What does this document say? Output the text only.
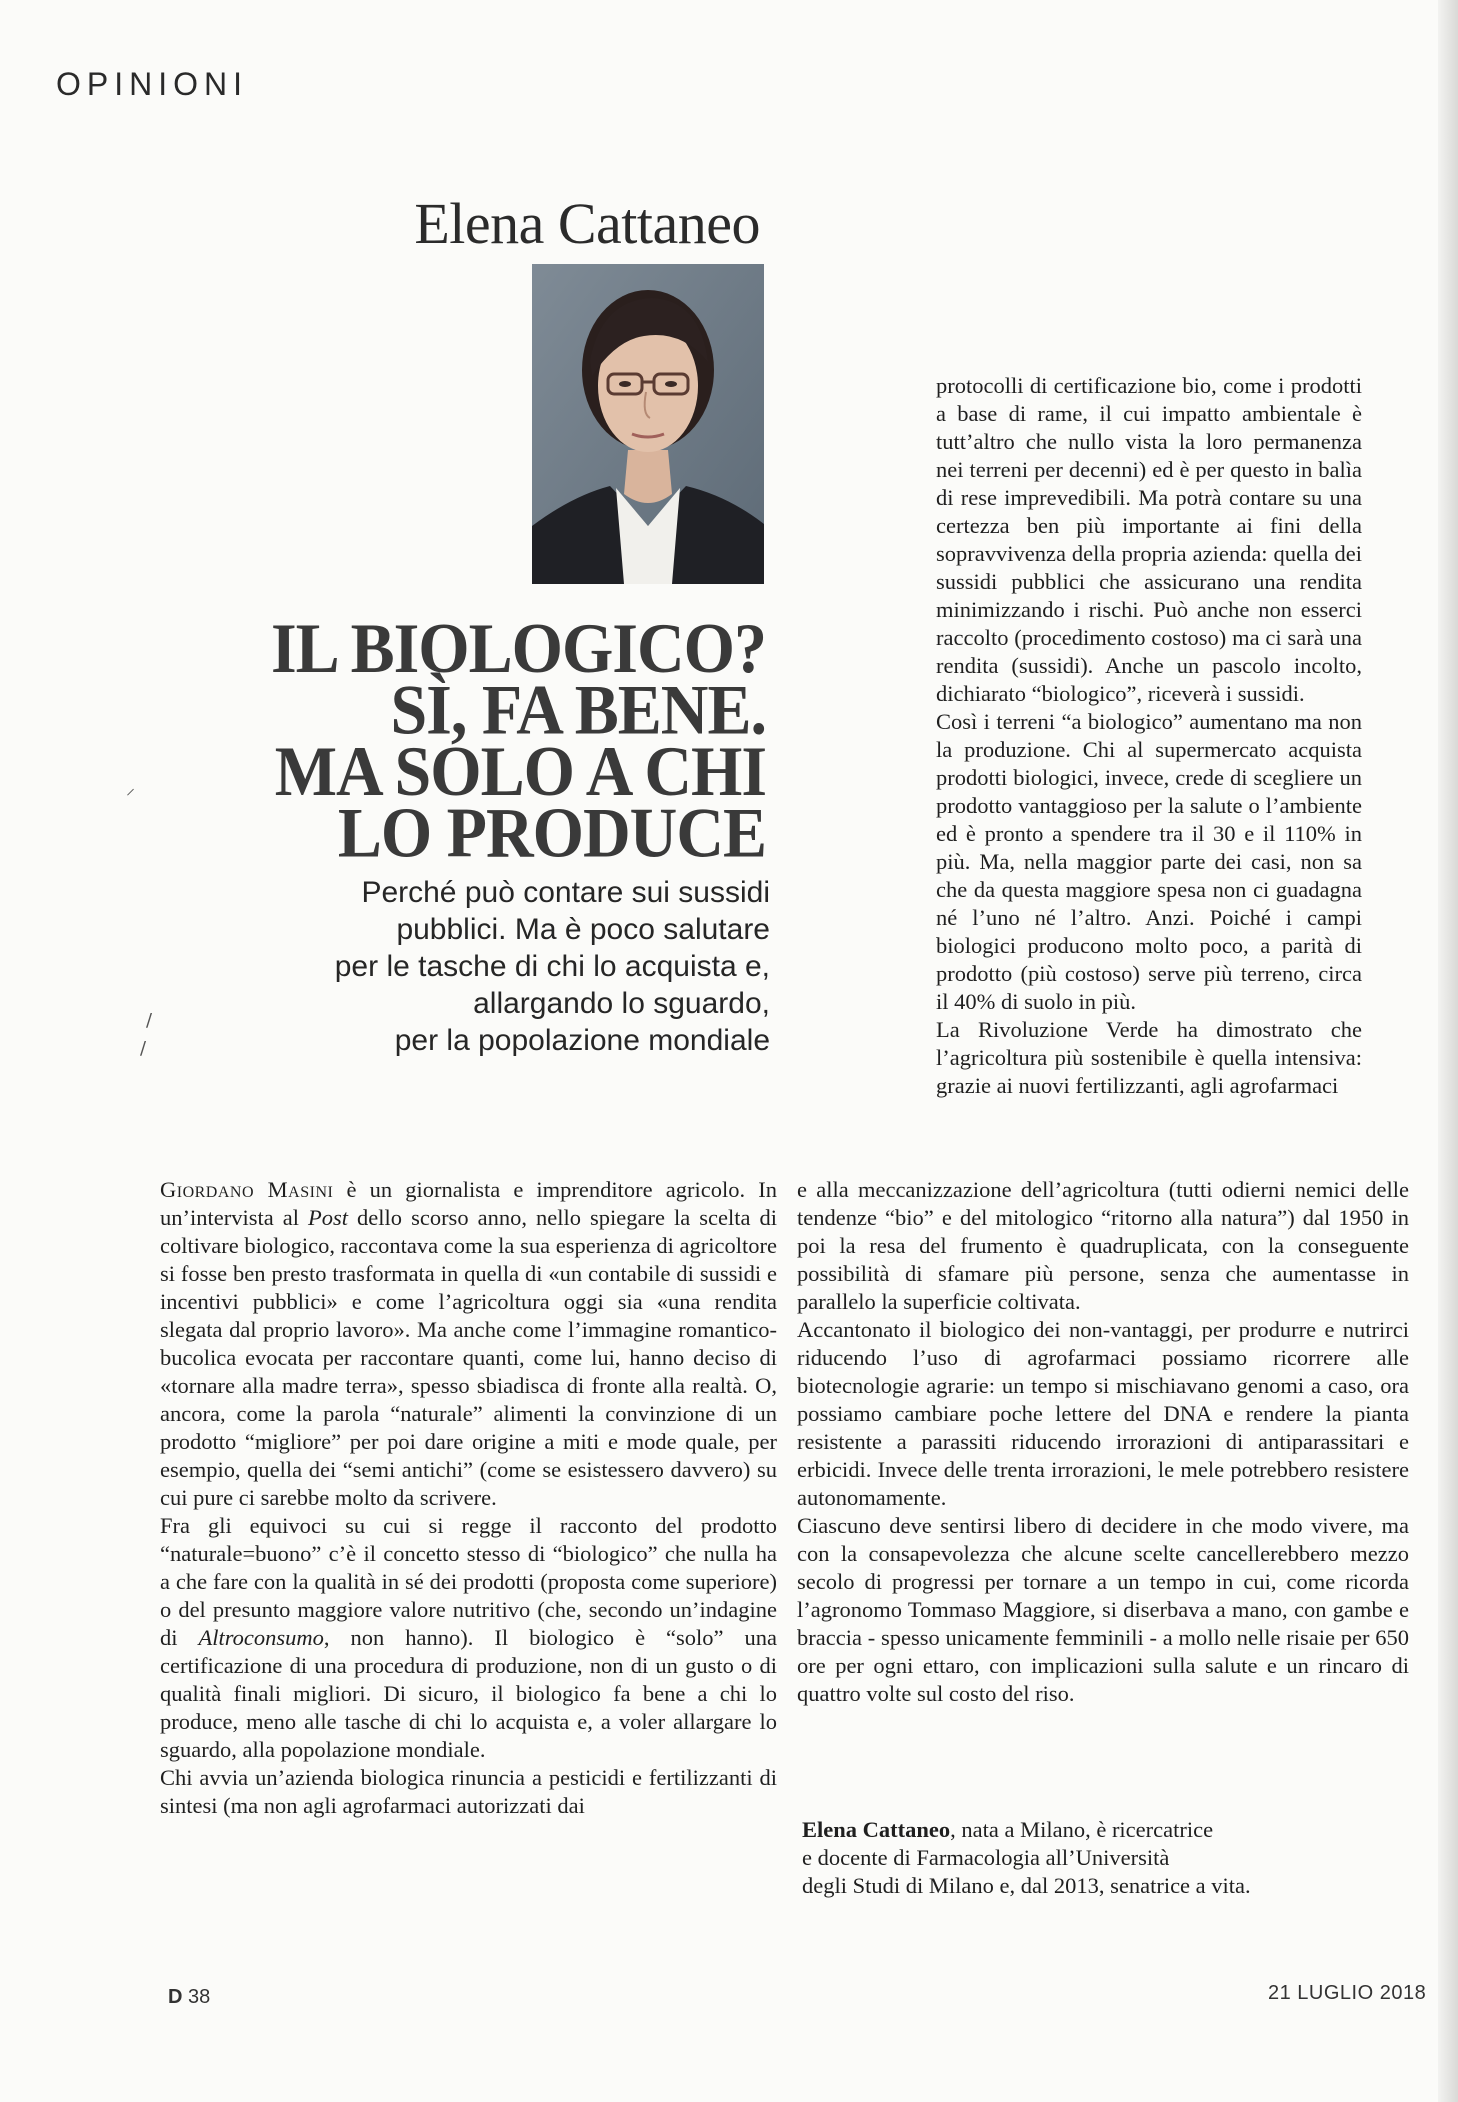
OPINIONI
Elena Cattaneo
IL BIOLOGICO?
SÌ, FA BENE.
MA SOLO A CHI
LO PRODUCE
Perché può contare sui sussidi
pubblici. Ma è poco salutare
per le tasche di chi lo acquista e,
allargando lo sguardo,
per la popolazione mondiale
⸝
/
/

protocolli di certificazione bio, come i prodotti a base di rame, il cui impatto ambientale è tutt’altro che nullo vista la loro permanenza nei terreni per decenni) ed è per questo in balìa di rese imprevedibili. Ma potrà contare su una certezza ben più importante ai fini della sopravvivenza della propria azienda: quella dei sussidi pubblici che assicurano una rendita minimizzando i rischi. Può anche non esserci raccolto (procedimento costoso) ma ci sarà una rendita (sussidi). Anche un pascolo incolto, dichiarato “biologico”, riceverà i sussidi.

Così i terreni “a biologico” aumentano ma non la produzione. Chi al supermercato acquista prodotti biologici, invece, crede di scegliere un prodotto vantaggioso per la salute o l’ambiente ed è pronto a spendere tra il 30 e il 110% in più. Ma, nella maggior parte dei casi, non sa che da questa maggiore spesa non ci guadagna né l’uno né l’altro. Anzi. Poiché i campi biologici producono molto poco, a parità di prodotto (più costoso) serve più terreno, circa il 40% di suolo in più.

La Rivoluzione Verde ha dimostrato che l’agricoltura più sostenibile è quella intensiva: grazie ai nuovi fertilizzanti, agli agrofarmaci

Giordano Masini è un giornalista e imprenditore agricolo. In un’intervista al Post dello scorso anno, nello spiegare la scelta di coltivare biologico, raccontava come la sua esperienza di agricoltore si fosse ben presto trasformata in quella di «un contabile di sussidi e incentivi pubblici» e come l’agricoltura oggi sia «una rendita slegata dal proprio lavoro». Ma anche come l’immagine romantico-bucolica evocata per raccontare quanti, come lui, hanno deciso di «tornare alla madre terra», spesso sbiadisca di fronte alla realtà. O, ancora, come la parola “naturale” alimenti la convinzione di un prodotto “migliore” per poi dare origine a miti e mode quale, per esempio, quella dei “semi antichi” (come se esistessero davvero) su cui pure ci sarebbe molto da scrivere.

Fra gli equivoci su cui si regge il racconto del prodotto “naturale=buono” c’è il concetto stesso di “biologico” che nulla ha a che fare con la qualità in sé dei prodotti (proposta come superiore) o del presunto maggiore valore nutritivo (che, secondo un’indagine di Altroconsumo, non hanno). Il biologico è “solo” una certificazione di una procedura di produzione, non di un gusto o di qualità finali migliori. Di sicuro, il biologico fa bene a chi lo produce, meno alle tasche di chi lo acquista e, a voler allargare lo sguardo, alla popolazione mondiale.

Chi avvia un’azienda biologica rinuncia a pesticidi e fertilizzanti di sintesi (ma non agli agrofarmaci autorizzati dai

e alla meccanizzazione dell’agricoltura (tutti odierni nemici delle tendenze “bio” e del mitologico “ritorno alla natura”) dal 1950 in poi la resa del frumento è quadruplicata, con la conseguente possibilità di sfamare più persone, senza che aumentasse in parallelo la superficie coltivata.

Accantonato il biologico dei non-vantaggi, per produrre e nutrirci riducendo l’uso di agrofarmaci possiamo ricorrere alle biotecnologie agrarie: un tempo si mischiavano genomi a caso, ora possiamo cambiare poche lettere del DNA e rendere la pianta resistente a parassiti riducendo irrorazioni di antiparassitari e erbicidi. Invece delle trenta irrorazioni, le mele potrebbero resistere autonomamente.

Ciascuno deve sentirsi libero di decidere in che modo vivere, ma con la consapevolezza che alcune scelte cancellerebbero mezzo secolo di progressi per tornare a un tempo in cui, come ricorda l’agronomo Tommaso Maggiore, si diserbava a mano, con gambe e braccia - spesso unicamente femminili - a mollo nelle risaie per 650 ore per ogni ettaro, con implicazioni sulla salute e un rincaro di quattro volte sul costo del riso.

Elena Cattaneo, nata a Milano, è ricercatrice
e docente di Farmacologia all’Università
degli Studi di Milano e, dal 2013, senatrice a vita.
D 38	21 LUGLIO 2018
